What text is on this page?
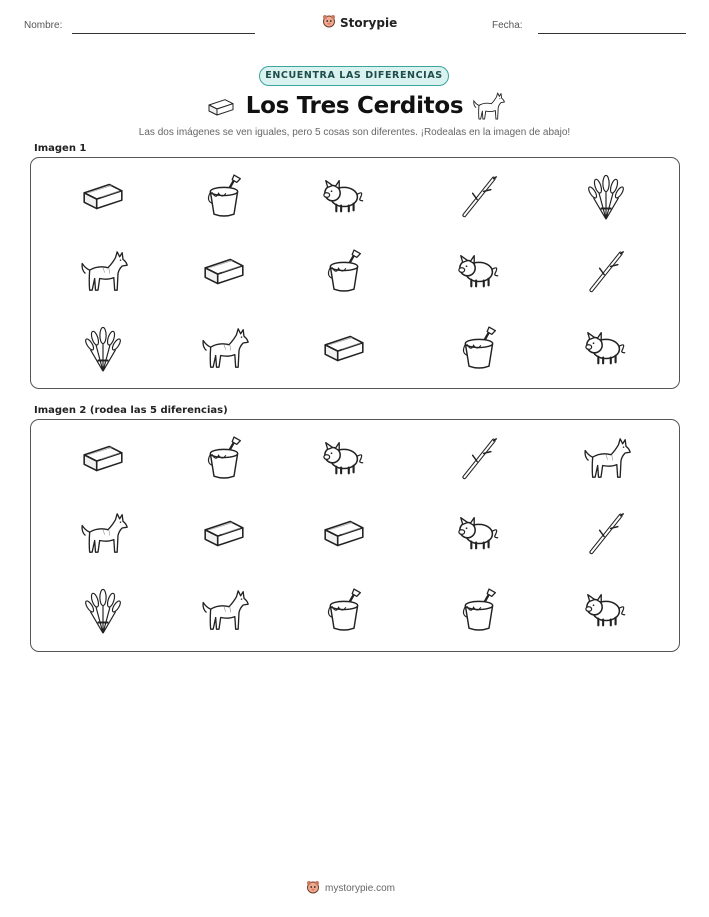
Nombre:	Storypie	Fecha:
ENCUENTRA LAS DIFERENCIAS
Los Tres Cerditos
Las dos imágenes se ven iguales, pero 5 cosas son diferentes. ¡Rodealas en la imagen de abajo!
Imagen 1
Imagen 2 (rodea las 5 diferencias)
mystorypie.com
